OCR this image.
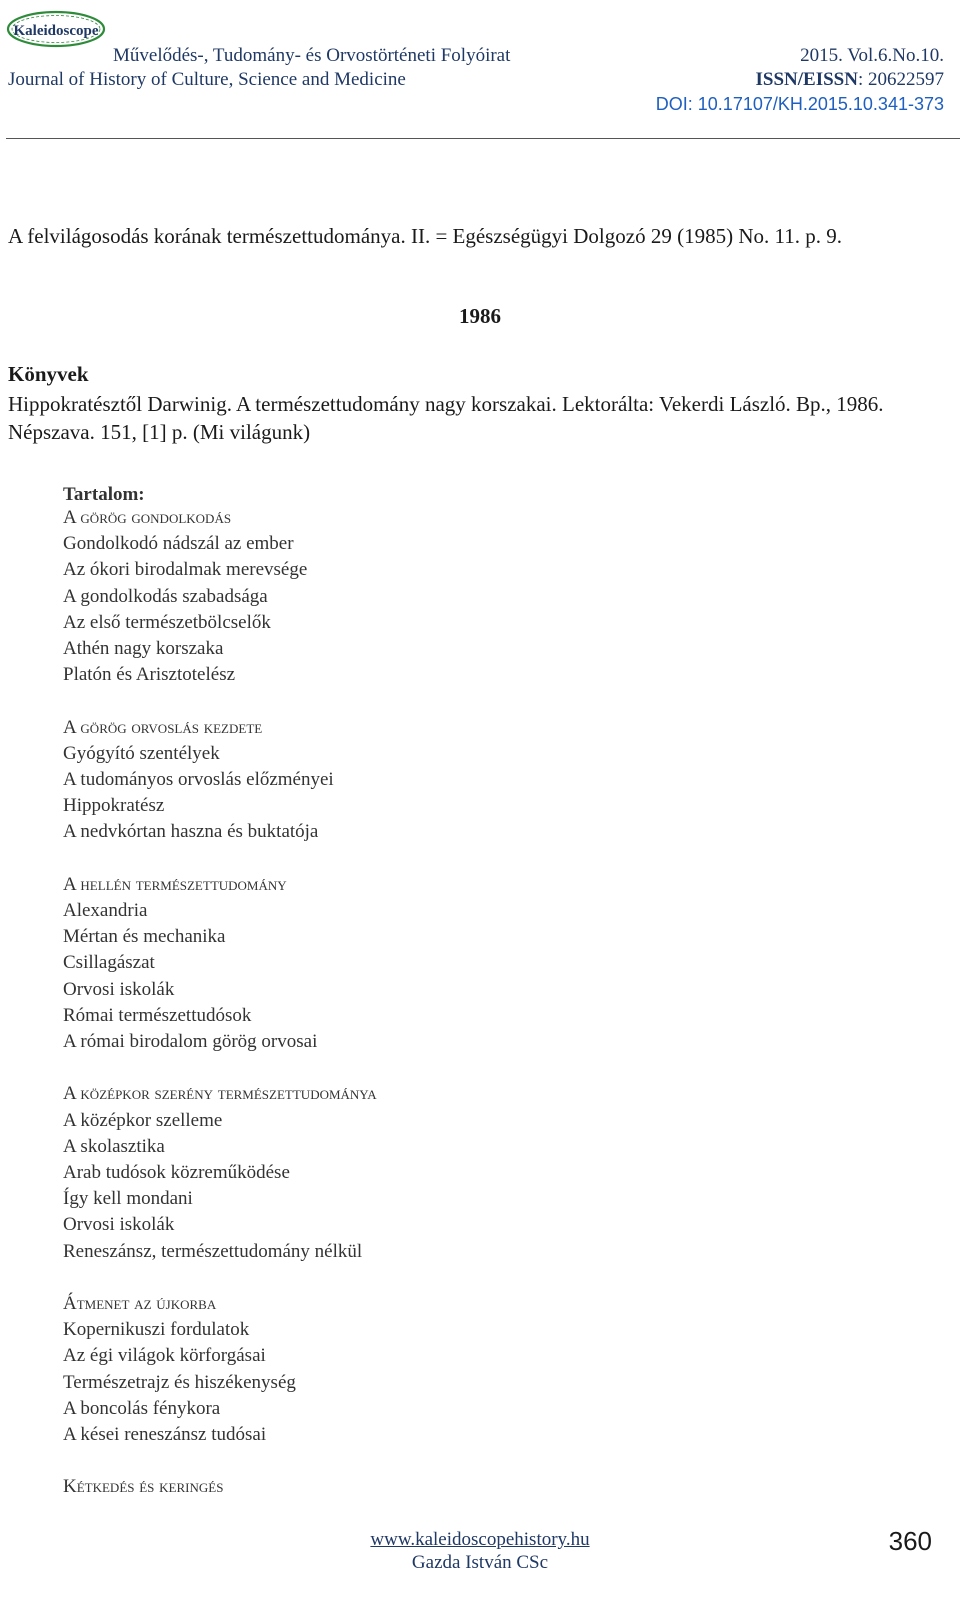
Kaleidoscope
Művelődés-, Tudomány- és Orvostörténeti Folyóirat
Journal of History of Culture, Science and Medicine
2015. Vol.6.No.10.
ISSN/EISSN: 20622597
DOI: 10.17107/KH.2015.10.341-373
A felvilágosodás korának természettudománya. II. = Egészségügyi Dolgozó 29 (1985) No. 11. p. 9.
1986
Könyvek
Hippokratésztől Darwinig. A természettudomány nagy korszakai. Lektorálta: Vekerdi László. Bp., 1986. Népszava. 151, [1] p. (Mi világunk)
Tartalom:
A görög gondolkodás
Gondolkodó nádszál az ember
Az ókori birodalmak merevsége
A gondolkodás szabadsága
Az első természetbölcselők
Athén nagy korszaka
Platón és Arisztotelész
A görög orvoslás kezdete
Gyógyító szentélyek
A tudományos orvoslás előzményei
Hippokratész
A nedvkórtan haszna és buktatója
A hellén természettudomány
Alexandria
Mértan és mechanika
Csillagászat
Orvosi iskolák
Római természettudósok
A római birodalom görög orvosai
A középkor szerény természettudománya
A középkor szelleme
A skolasztika
Arab tudósok közreműködése
Így kell mondani
Orvosi iskolák
Reneszánsz, természettudomány nélkül
Átmenet az újkorba
Kopernikuszi fordulatok
Az égi világok körforgásai
Természetrajz és hiszékenység
A boncolás fénykora
A kései reneszánsz tudósai
Kétkedés és keringés
www.kaleidoscopehistory.hu
Gazda István CSc
360
